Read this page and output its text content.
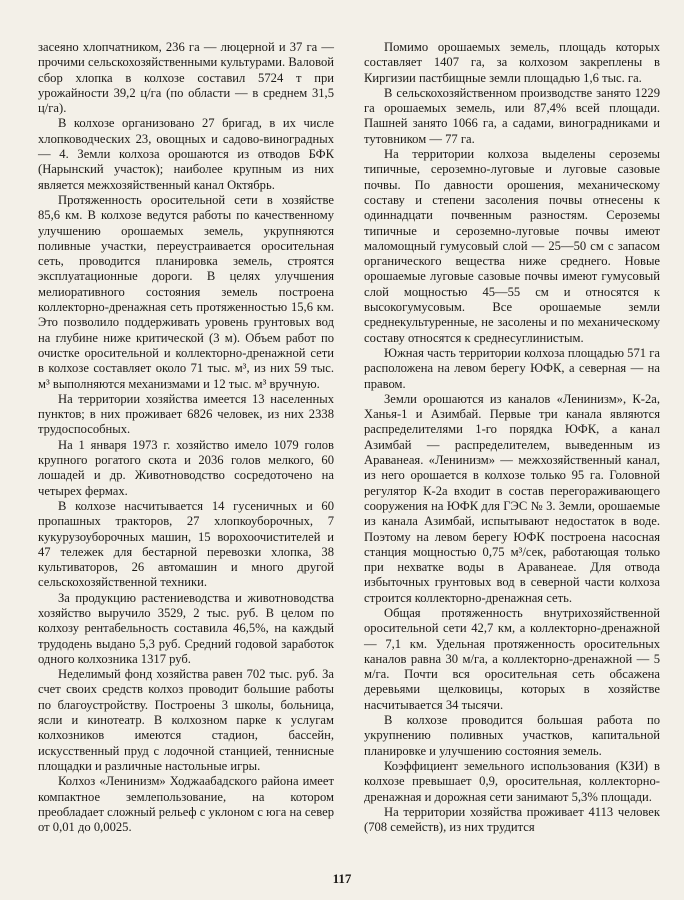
засеяно хлопчатником, 236 га — люцерной и 37 га — прочими сельскохозяйственными культурами. Валовой сбор хлопка в колхозе составил 5724 т при урожайности 39,2 ц/га (по области — в среднем 31,5 ц/га).

В колхозе организовано 27 бригад, в их числе хлопководческих 23, овощных и садово-виноградных — 4. Земли колхоза орошаются из отводов БФК (Нарынский участок); наиболее крупным из них является межхозяйственный канал Октябрь.

Протяженность оросительной сети в хозяйстве 85,6 км. В колхозе ведутся работы по качественному улучшению орошаемых земель, укрупняются поливные участки, переустраивается оросительная сеть, проводится планировка земель, строятся эксплуатационные дороги. В целях улучшения мелиоративного состояния земель построена коллекторно-дренажная сеть протяженностью 15,6 км. Это позволило поддерживать уровень грунтовых вод на глубине ниже критической (3 м). Объем работ по очистке оросительной и коллекторно-дренажной сети в колхозе составляет около 71 тыс. м³, из них 59 тыс. м³ выполняются механизмами и 12 тыс. м³ вручную.

На территории хозяйства имеется 13 населенных пунктов; в них проживает 6826 человек, из них 2338 трудоспособных.

На 1 января 1973 г. хозяйство имело 1079 голов крупного рогатого скота и 2036 голов мелкого, 60 лошадей и др. Животноводство сосредоточено на четырех фермах.

В колхозе насчитывается 14 гусеничных и 60 пропашных тракторов, 27 хлопкоуборочных, 7 кукурузоуборочных машин, 15 ворохоочистителей и 47 тележек для бестарной перевозки хлопка, 38 культиваторов, 26 автомашин и много другой сельскохозяйственной техники.

За продукцию растениеводства и животноводства хозяйство выручило 3529, 2 тыс. руб. В целом по колхозу рентабельность составила 46,5%, на каждый трудодень выдано 5,3 руб. Средний годовой заработок одного колхозника 1317 руб.

Неделимый фонд хозяйства равен 702 тыс. руб. За счет своих средств колхоз проводит большие работы по благоустройству. Построены 3 школы, больница, ясли и кинотеатр. В колхозном парке к услугам колхозников имеются стадион, бассейн, искусственный пруд с лодочной станцией, теннисные площадки и различные настольные игры.

Колхоз «Ленинизм» Ходжаабадского района имеет компактное землепользование, на котором преобладает сложный рельеф с уклоном с юга на север от 0,01 до 0,0025.

Помимо орошаемых земель, площадь которых составляет 1407 га, за колхозом закреплены в Киргизии пастбищные земли площадью 1,6 тыс. га.

В сельскохозяйственном производстве занято 1229 га орошаемых земель, или 87,4% всей площади. Пашней занято 1066 га, а садами, виноградниками и тутовником — 77 га.

На территории колхоза выделены сероземы типичные, сероземно-луговые и луговые сазовые почвы. По давности орошения, механическому составу и степени засоления почвы отнесены к одиннадцати почвенным разностям. Сероземы типичные и сероземно-луговые почвы имеют маломощный гумусовый слой — 25—50 см с запасом органического вещества ниже среднего. Новые орошаемые луговые сазовые почвы имеют гумусовый слой мощностью 45—55 см и относятся к высокогумусовым. Все орошаемые земли среднекультуренные, не засолены и по механическому составу относятся к среднесуглинистым.

Южная часть территории колхоза площадью 571 га расположена на левом берегу ЮФК, а северная — на правом.

Земли орошаются из каналов «Ленинизм», К-2а, Ханья-1 и Азимбай. Первые три канала являются распределителями 1-го порядка ЮФК, а канал Азимбай — распределителем, выведенным из Араванеая. «Ленинизм» — межхозяйственный канал, из него орошается в колхозе только 95 га. Головной регулятор К-2а входит в состав перегораживающего сооружения на ЮФК для ГЭС № 3. Земли, орошаемые из канала Азимбай, испытывают недостаток в воде. Поэтому на левом берегу ЮФК построена насосная станция мощностью 0,75 м³/сек, работающая только при нехватке воды в Араванеае. Для отвода избыточных грунтовых вод в северной части колхоза строится коллекторно-дренажная сеть.

Общая протяженность внутрихозяйственной оросительной сети 42,7 км, а коллекторно-дренажной — 7,1 км. Удельная протяженность оросительных каналов равна 30 м/га, а коллекторно-дренажной — 5 м/га. Почти вся оросительная сеть обсажена деревьями щелковицы, которых в хозяйстве насчитывается 34 тысячи.

В колхозе проводится большая работа по укрупнению поливных участков, капитальной планировке и улучшению состояния земель.

Коэффициент земельного использования (КЗИ) в колхозе превышает 0,9, оросительная, коллекторно-дренажная и дорожная сети занимают 5,3% площади.

На территории хозяйства проживает 4113 человек (708 семейств), из них трудится

117
